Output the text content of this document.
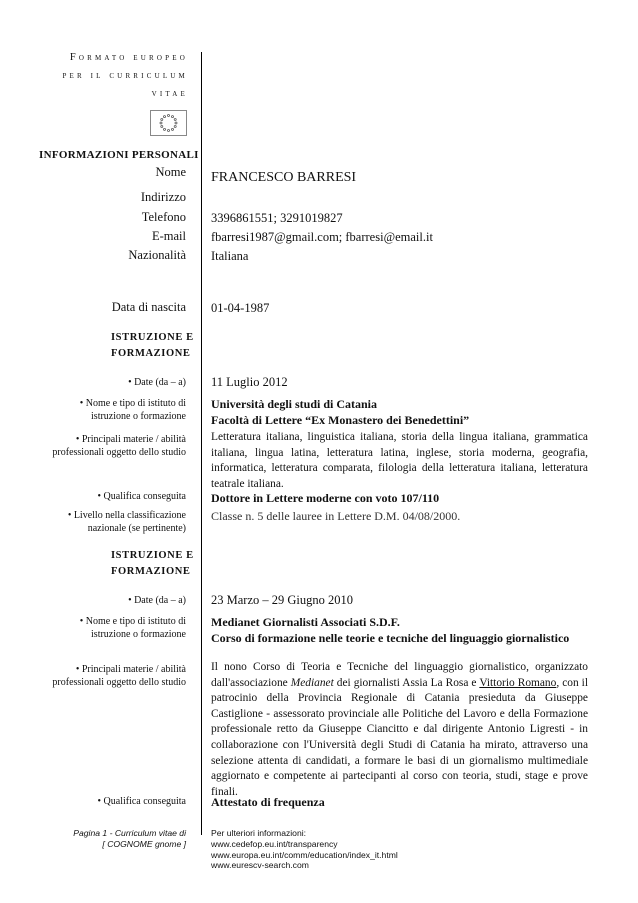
Formato europeo
per il curriculum
vitae
INFORMAZIONI PERSONALI
Nome FRANCESCO BARRESI
Indirizzo
Telefono 3396861551; 3291019827
E-mail fbarresi1987@gmail.com; fbarresi@email.it
Nazionalità Italiana
Data di nascita 01-04-1987
ISTRUZIONE E
FORMAZIONE
• Date (da – a) 11 Luglio 2012
• Nome e tipo di istituto di
istruzione o formazione
Università degli studi di Catania
Facoltà di Lettere “Ex Monastero dei Benedettini”
• Principali materie / abilità
professionali oggetto dello studio
Letteratura italiana, linguistica italiana, storia della lingua italiana, grammatica italiana, lingua latina, letteratura latina, inglese, storia moderna, geografia, informatica, letteratura comparata, filologia della letteratura italiana, letteratura teatrale italiana.
• Qualifica conseguita Dottore in Lettere moderne con voto 107/110
• Livello nella classificazione
nazionale (se pertinente)
Classe n. 5 delle lauree in Lettere D.M. 04/08/2000.
ISTRUZIONE E
FORMAZIONE
• Date (da – a) 23 Marzo – 29 Giugno 2010
• Nome e tipo di istituto di
istruzione o formazione
Medianet Giornalisti Associati S.D.F.
Corso di formazione nelle teorie e tecniche del linguaggio giornalistico
• Principali materie / abilità
professionali oggetto dello studio
Il nono Corso di Teoria e Tecniche del linguaggio giornalistico, organizzato dall'associazione Medianet dei giornalisti Assia La Rosa e Vittorio Romano, con il patrocinio della Provincia Regionale di Catania presieduta da Giuseppe Castiglione - assessorato provinciale alle Politiche del Lavoro e della Formazione professionale retto da Giuseppe Ciancitto e dal dirigente Antonio Ligresti - in collaborazione con l'Università degli Studi di Catania ha mirato, attraverso una selezione attenta di candidati, a formare le basi di un giornalismo multimediale aggiornato e competente ai partecipanti al corso con teoria, studi, stage e prove finali.
• Qualifica conseguita Attestato di frequenza
Pagina 1 - Curriculum vitae di
[ COGNOME gnome ]
Per ulteriori informazioni:
www.cedefop.eu.int/transparency
www.europa.eu.int/comm/education/index_it.html
www.eurescv-search.com
